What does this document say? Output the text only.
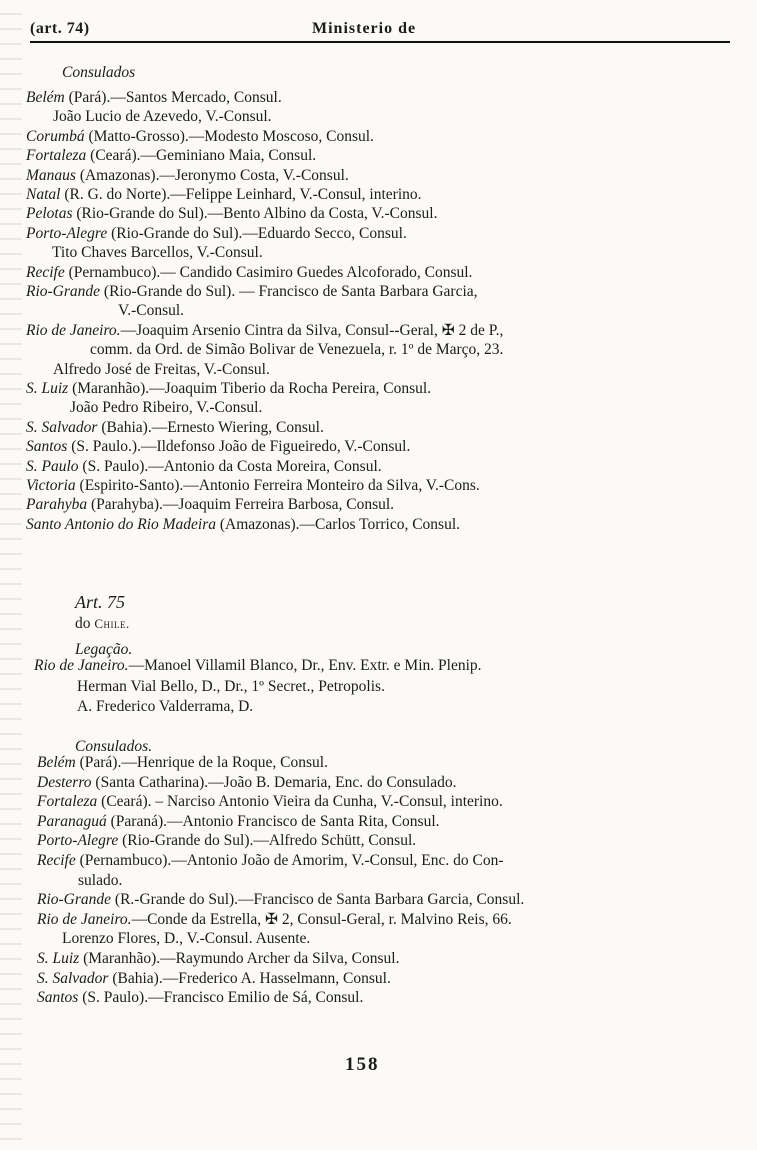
(art. 74)	Ministerio de
Consulados
Belém (Pará).—Santos Mercado, Consul.
João Lucio de Azevedo, V.-Consul.
Corumbá (Matto-Grosso).—Modesto Moscoso, Consul.
Fortaleza (Ceará).—Geminiano Maia, Consul.
Manaus (Amazonas).—Jeronymo Costa, V.-Consul.
Natal (R. G. do Norte).—Felippe Leinhard, V.-Consul, interino.
Pelotas (Rio-Grande do Sul).—Bento Albino da Costa, V.-Consul.
Porto-Alegre (Rio-Grande do Sul).—Eduardo Secco, Consul.
Tito Chaves Barcellos, V.-Consul.
Recife (Pernambuco).— Candido Casimiro Guedes Alcoforado, Consul.
Rio-Grande (Rio-Grande do Sul). — Francisco de Santa Barbara Garcia,
V.-Consul.
Rio de Janeiro.—Joaquim Arsenio Cintra da Silva, Consul--Geral, ✠ 2 de P.,
comm. da Ord. de Simão Bolivar de Venezuela, r. 1º de Março, 23.
Alfredo José de Freitas, V.-Consul.
S. Luiz (Maranhão).—Joaquim Tiberio da Rocha Pereira, Consul.
João Pedro Ribeiro, V.-Consul.
S. Salvador (Bahia).—Ernesto Wiering, Consul.
Santos (S. Paulo.).—Ildefonso João de Figueiredo, V.-Consul.
S. Paulo (S. Paulo).—Antonio da Costa Moreira, Consul.
Victoria (Espirito-Santo).—Antonio Ferreira Monteiro da Silva, V.-Cons.
Parahyba (Parahyba).—Joaquim Ferreira Barbosa, Consul.
Santo Antonio do Rio Madeira (Amazonas).—Carlos Torrico, Consul.
Art. 75
do Chile.
Legação.
Rio de Janeiro.—Manoel Villamil Blanco, Dr., Env. Extr. e Min. Plenip.
Herman Vial Bello, D., Dr., 1º Secret., Petropolis.
A. Frederico Valderrama, D.
Consulados.
Belém (Pará).—Henrique de la Roque, Consul.
Desterro (Santa Catharina).—João B. Demaria, Enc. do Consulado.
Fortaleza (Ceará). – Narciso Antonio Vieira da Cunha, V.-Consul, interino.
Paranaguá (Paraná).—Antonio Francisco de Santa Rita, Consul.
Porto-Alegre (Rio-Grande do Sul).—Alfredo Schütt, Consul.
Recife (Pernambuco).—Antonio João de Amorim, V.-Consul, Enc. do Con-
sulado.
Rio-Grande (R.-Grande do Sul).—Francisco de Santa Barbara Garcia, Consul.
Rio de Janeiro.—Conde da Estrella, ✠ 2, Consul-Geral, r. Malvino Reis, 66.
Lorenzo Flores, D., V.-Consul. Ausente.
S. Luiz (Maranhão).—Raymundo Archer da Silva, Consul.
S. Salvador (Bahia).—Frederico A. Hasselmann, Consul.
Santos (S. Paulo).—Francisco Emilio de Sá, Consul.
158
